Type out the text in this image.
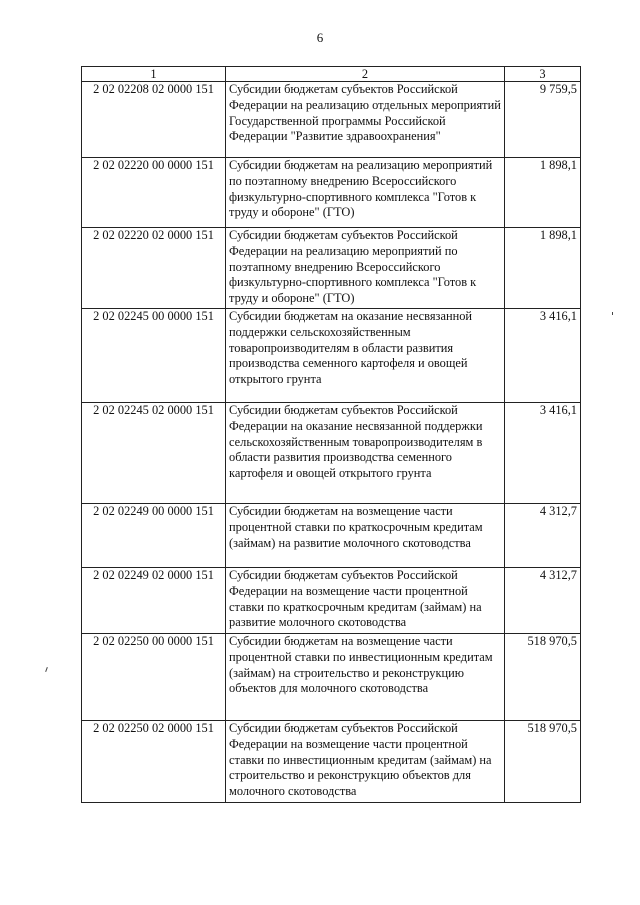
6
1	2	3
2 02 02208 02 0000 151	Субсидии бюджетам субъектов Российской Федерации на реализацию отдельных мероприятий Государственной программы Российской Федерации "Развитие здравоохранения"	9 759,5
2 02 02220 00 0000 151	Субсидии бюджетам на реализацию мероприятий по поэтапному внедрению Всероссийского физкультурно-спортивного комплекса "Готов к труду и обороне" (ГТО)	1 898,1
2 02 02220 02 0000 151	Субсидии бюджетам субъектов Российской Федерации на реализацию мероприятий по поэтапному внедрению Всероссийского физкультурно-спортивного комплекса "Готов к труду и обороне" (ГТО)	1 898,1
2 02 02245 00 0000 151	Субсидии бюджетам на оказание несвязанной поддержки сельскохозяйственным товаропроизводителям в области развития производства семенного картофеля и овощей открытого грунта	3 416,1
2 02 02245 02 0000 151	Субсидии бюджетам субъектов Российской Федерации на оказание несвязанной поддержки сельскохозяйственным товаропроизводителям в области развития производства семенного картофеля и овощей открытого грунта	3 416,1
2 02 02249 00 0000 151	Субсидии бюджетам на возмещение части процентной ставки по краткосрочным кредитам (займам) на развитие молочного скотоводства	4 312,7
2 02 02249 02 0000 151	Субсидии бюджетам субъектов Российской Федерации на возмещение части процентной ставки по краткосрочным кредитам (займам) на развитие молочного скотоводства	4 312,7
2 02 02250 00 0000 151	Субсидии бюджетам на возмещение части процентной ставки по инвестиционным кредитам (займам) на строительство и реконструкцию объектов для молочного скотоводства	518 970,5
2 02 02250 02 0000 151	Субсидии бюджетам субъектов Российской Федерации на возмещение части процентной ставки по инвестиционным кредитам (займам) на строительство и реконструкцию объектов для молочного скотоводства	518 970,5
